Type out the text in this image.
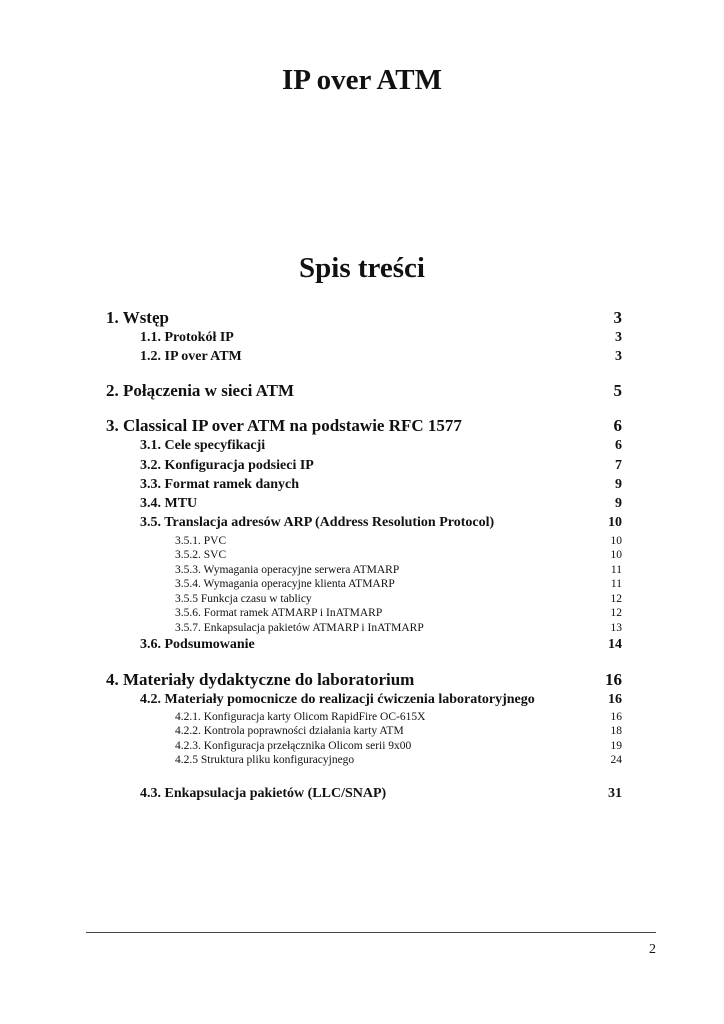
IP over ATM
Spis treści
1. Wstęp	3
1.1. Protokół IP	3
1.2. IP over ATM	3
2. Połączenia w sieci ATM	5
3. Classical IP over ATM na podstawie RFC 1577	6
3.1. Cele specyfikacji	6
3.2. Konfiguracja podsieci IP	7
3.3. Format ramek danych	9
3.4. MTU	9
3.5. Translacja adresów ARP (Address Resolution Protocol)	10
3.5.1. PVC	10
3.5.2. SVC	10
3.5.3. Wymagania operacyjne serwera ATMARP	11
3.5.4. Wymagania operacyjne klienta ATMARP	11
3.5.5 Funkcja czasu w tablicy	12
3.5.6. Format ramek ATMARP i InATMARP	12
3.5.7. Enkapsulacja pakietów ATMARP i InATMARP	13
3.6. Podsumowanie	14
4. Materiały dydaktyczne do laboratorium	16
4.2. Materiały pomocnicze do realizacji ćwiczenia laboratoryjnego	16
4.2.1. Konfiguracja karty Olicom RapidFire OC-615X	16
4.2.2. Kontrola poprawności działania karty ATM	18
4.2.3. Konfiguracja przełącznika Olicom serii 9x00	19
4.2.5 Struktura pliku konfiguracyjnego	24
4.3. Enkapsulacja pakietów (LLC/SNAP)	31
2
